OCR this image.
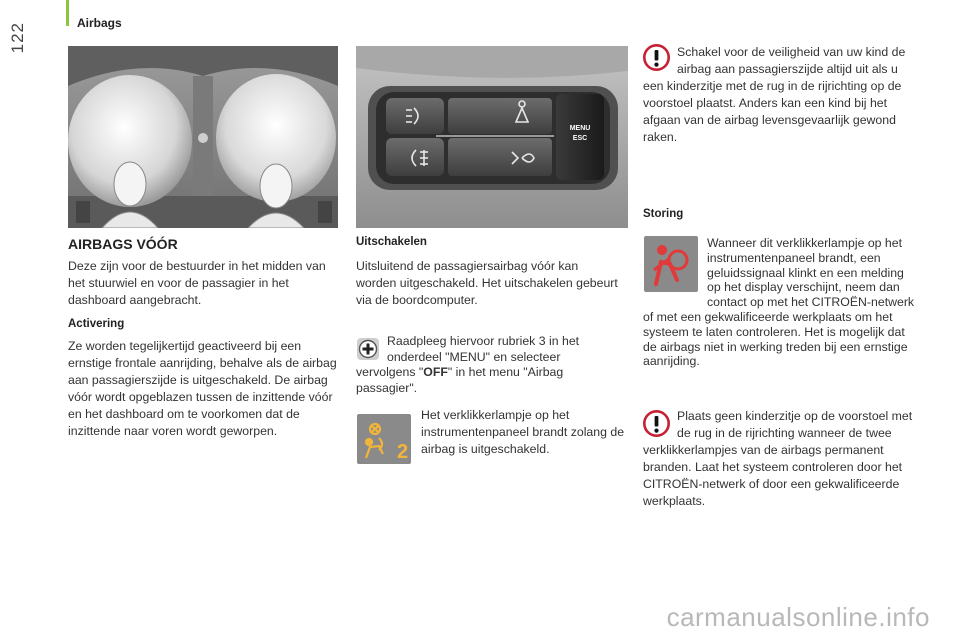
122	Airbags
AIRBAGS VÓÓR
Deze zijn voor de bestuurder in het midden van het stuurwiel en voor de passagier in het dashboard aangebracht.
Activering
Ze worden tegelijkertijd geactiveerd bij een ernstige frontale aanrijding, behalve als de airbag aan passagierszijde is uitgeschakeld. De airbag vóór wordt opgeblazen tussen de inzittende vóór en het dashboard om te voorkomen dat de inzittende naar voren wordt geworpen.
MENU
ESC
Uitschakelen
Uitsluitend de passagiersairbag vóór kan worden uitgeschakeld. Het uitschakelen gebeurt via de boordcomputer.
Raadpleeg hiervoor rubriek 3 in het
onderdeel "MENU" en selecteer
vervolgens "OFF" in het menu "Airbag
passagier".
2
Het verklikkerlampje op het instrumentenpaneel brandt zolang de airbag is uitgeschakeld.
Schakel voor de veiligheid van uw kind de airbag aan passagierszijde altijd uit als u een kinderzitje met de rug in de rijrichting op de voorstoel plaatst. Anders kan een kind bij het afgaan van de airbag levensgevaarlijk gewond raken.
Storing
Wanneer dit verklikkerlampje op het instrumentenpaneel brandt, een geluidssignaal klinkt en een melding op het display verschijnt, neem dan contact op met het CITROËN-netwerk of met een gekwalificeerde werkplaats om het systeem te laten controleren. Het is mogelijk dat de airbags niet in werking treden bij een ernstige aanrijding.
Plaats geen kinderzitje op de voorstoel met de rug in de rijrichting wanneer de twee verklikkerlampjes van de airbags permanent branden. Laat het systeem controleren door het CITROËN-netwerk of door een gekwalificeerde werkplaats.
carmanualsonline.info
